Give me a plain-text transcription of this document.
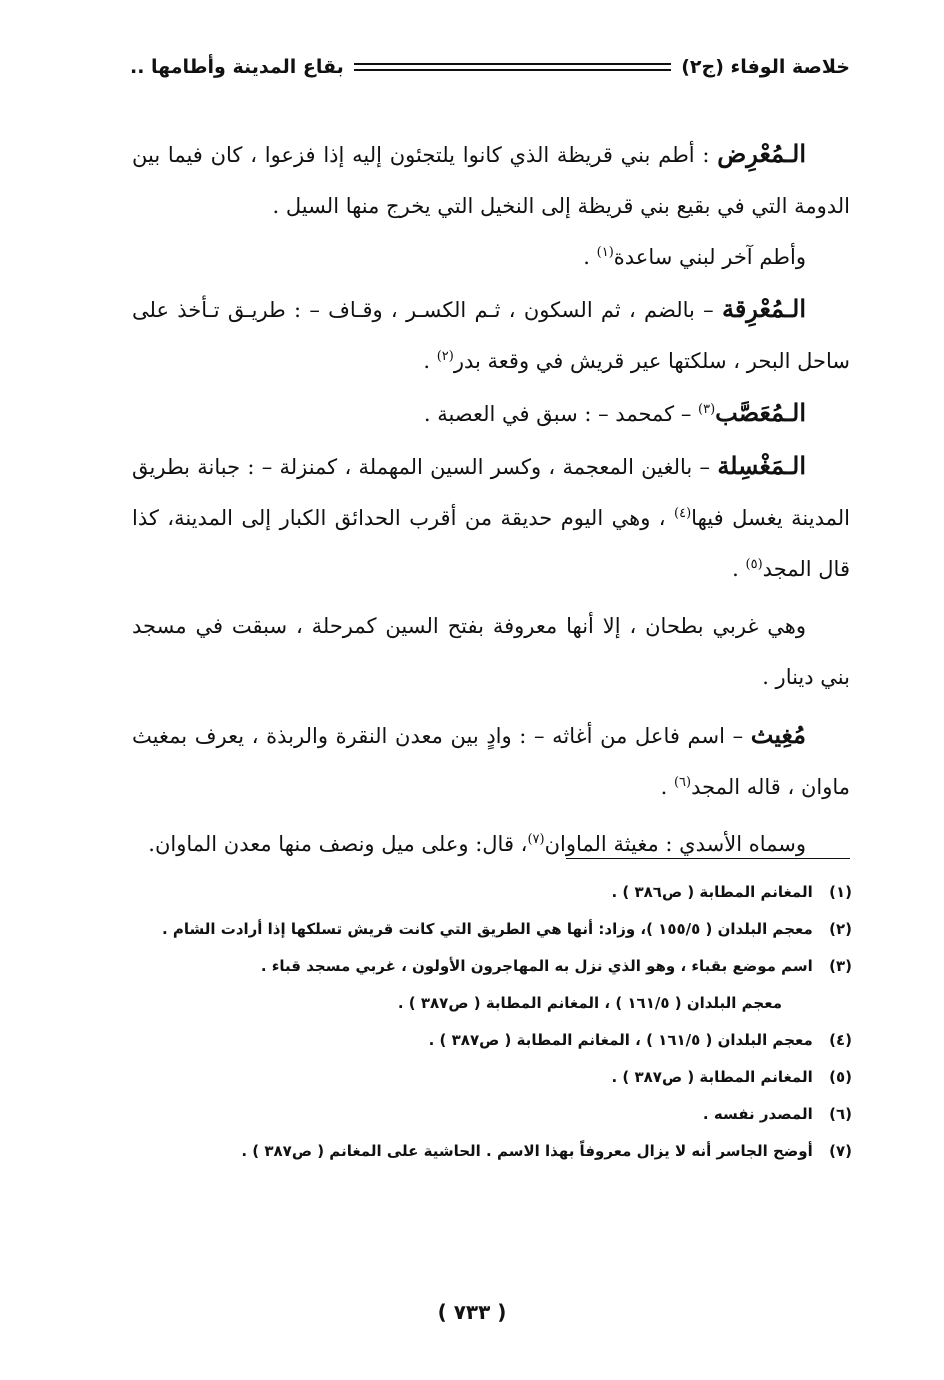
خلاصة الوفاء (ج٢)
بقاع المدينة وأطامها ..

الـمُعْرِض : أطم بني قريظة الذي كانوا يلتجئون إليه إذا فزعوا ، كان فيما بين الدومة التي في بقيع بني قريظة إلى النخيل التي يخرج منها السيل .

وأطم آخر لبني ساعدة$^{(١)}$ .

الـمُعْرِقة – بالضم ، ثم السكون ، ثـم الكسـر ، وقـاف – : طريـق تـأخذ على ساحل البحر ، سلكتها عير قريش في وقعة بدر$^{(٢)}$ .

الـمُعَصَّب$^{(٣)}$ – كمحمد – : سبق في العصبة .

الـمَغْسِلة – بالغين المعجمة ، وكسر السين المهملة ، كمنزلة – : جبانة بطريق المدينة يغسل فيها$^{(٤)}$ ، وهي اليوم حديقة من أقرب الحدائق الكبار إلى المدينة، كذا قال المجد$^{(٥)}$ .

وهي غربي بطحان ، إلا أنها معروفة بفتح السين كمرحلة ، سبقت في مسجد بني دينار .

مُغِيث – اسم فاعل من أغاثه – : وادٍ بين معدن النقرة والربذة ، يعرف بمغيث ماوان ، قاله المجد$^{(٦)}$ .

وسماه الأسدي : مغيثة الماوان$^{(٧)}$، قال: وعلى ميل ونصف منها معدن الماوان.

(١) المغانم المطابة ( ص٣٨٦ ) .

(٢) معجم البلدان ( ١٥٥/٥ )، وزاد: أنها هي الطريق التي كانت قريش تسلكها إذا أرادت الشام .

(٣) اسم موضع بقباء ، وهو الذي نزل به المهاجرون الأولون ، غربي مسجد قباء .

معجم البلدان ( ١٦١/٥ ) ، المغانم المطابة ( ص٣٨٧ ) .

(٤) معجم البلدان ( ١٦١/٥ ) ، المغانم المطابة ( ص٣٨٧ ) .

(٥) المغانم المطابة ( ص٣٨٧ ) .

(٦) المصدر نفسه .

(٧) أوضح الجاسر أنه لا يزال معروفاً بهذا الاسم . الحاشية على المغانم ( ص٣٨٧ ) .

( ٧٣٣ )
